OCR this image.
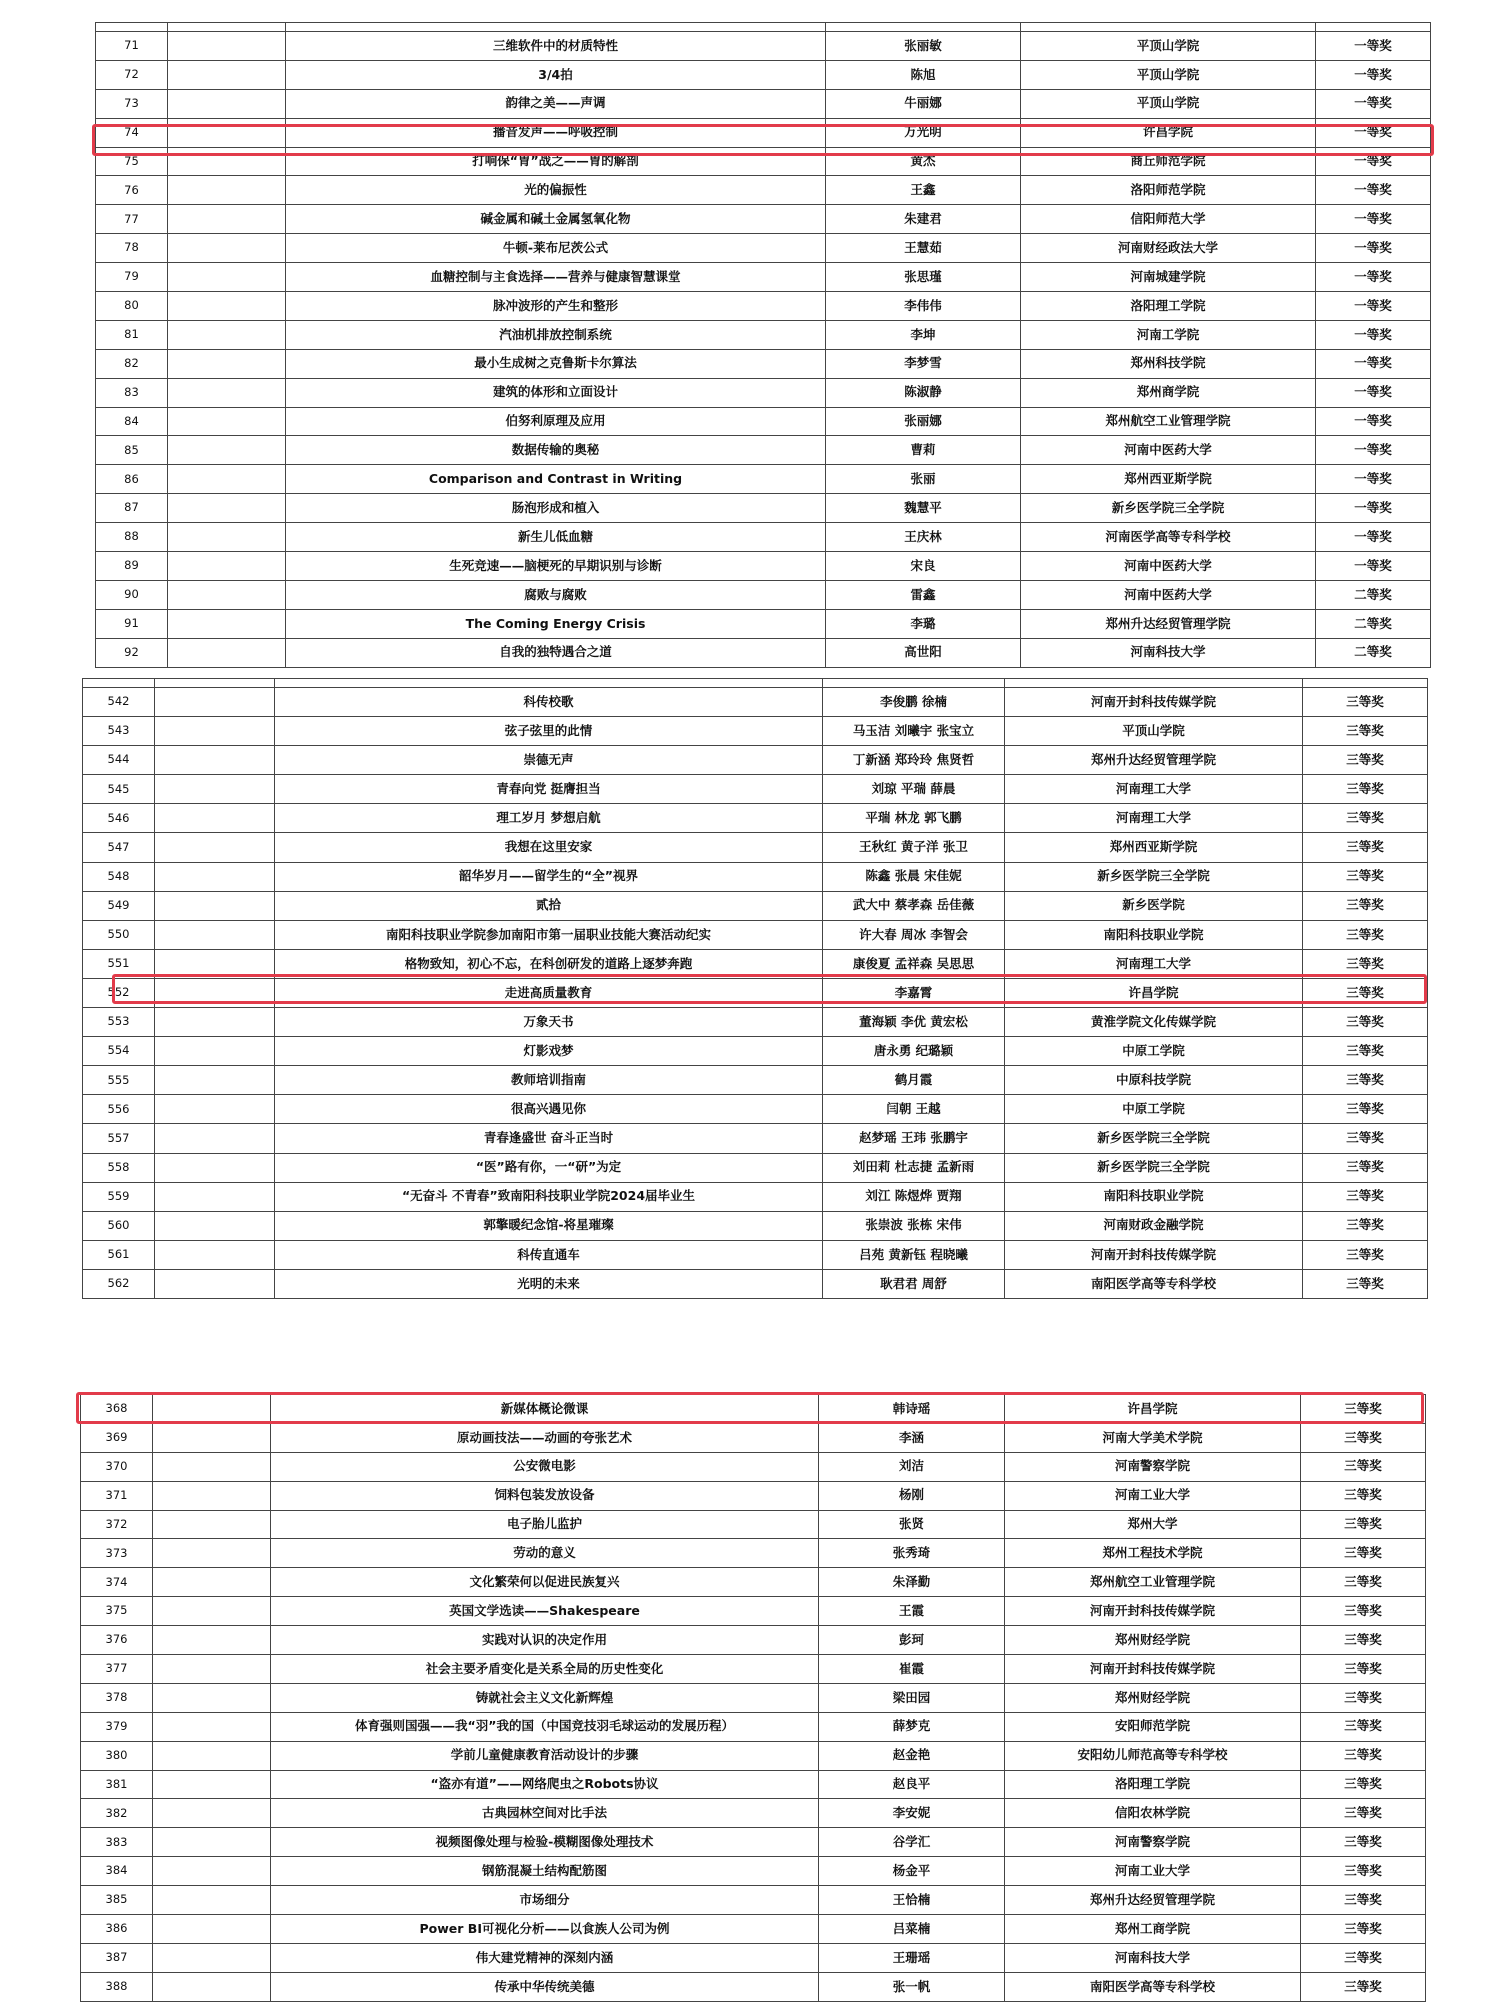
71		三维软件中的材质特性	张丽敏	平顶山学院	一等奖
72		3/4拍	陈旭	平顶山学院	一等奖
73		韵律之美——声调	牛丽娜	平顶山学院	一等奖
74		播音发声——呼吸控制	万光明	许昌学院	一等奖
75		打响保“胃”战之——胃的解剖	黄杰	商丘师范学院	一等奖
76		光的偏振性	王鑫	洛阳师范学院	一等奖
77		碱金属和碱土金属氢氧化物	朱建君	信阳师范大学	一等奖
78		牛顿-莱布尼茨公式	王慧茹	河南财经政法大学	一等奖
79		血糖控制与主食选择——营养与健康智慧课堂	张思瑾	河南城建学院	一等奖
80		脉冲波形的产生和整形	李伟伟	洛阳理工学院	一等奖
81		汽油机排放控制系统	李坤	河南工学院	一等奖
82		最小生成树之克鲁斯卡尔算法	李梦雪	郑州科技学院	一等奖
83		建筑的体形和立面设计	陈淑静	郑州商学院	一等奖
84		伯努利原理及应用	张丽娜	郑州航空工业管理学院	一等奖
85		数据传输的奥秘	曹莉	河南中医药大学	一等奖
86		Comparison and Contrast in Writing	张丽	郑州西亚斯学院	一等奖
87		肠泡形成和植入	魏慧平	新乡医学院三全学院	一等奖
88		新生儿低血糖	王庆林	河南医学高等专科学校	一等奖
89		生死竞速——脑梗死的早期识别与诊断	宋良	河南中医药大学	一等奖
90		腐败与腐败	雷鑫	河南中医药大学	二等奖
91		The Coming Energy Crisis	李璐	郑州升达经贸管理学院	二等奖
92		自我的独特遇合之道	高世阳	河南科技大学	二等奖

542		科传校歌	李俊鹏 徐楠	河南开封科技传媒学院	三等奖
543		弦子弦里的此情	马玉洁 刘曦宇 张宝立	平顶山学院	三等奖
544		崇德无声	丁新涵 郑玲玲 焦贤哲	郑州升达经贸管理学院	三等奖
545		青春向党 挺膺担当	刘琼 平瑞 薛晨	河南理工大学	三等奖
546		理工岁月 梦想启航	平瑞 林龙 郭飞鹏	河南理工大学	三等奖
547		我想在这里安家	王秋红 黄子洋 张卫	郑州西亚斯学院	三等奖
548		韶华岁月——留学生的“全”视界	陈鑫 张晨 宋佳妮	新乡医学院三全学院	三等奖
549		贰拾	武大中 蔡孝森 岳佳薇	新乡医学院	三等奖
550		南阳科技职业学院参加南阳市第一届职业技能大赛活动纪实	许大春 周冰 李智会	南阳科技职业学院	三等奖
551		格物致知，初心不忘，在科创研发的道路上逐梦奔跑	康俊夏 孟祥森 吴思思	河南理工大学	三等奖
552		走进高质量教育	李嘉霄	许昌学院	三等奖
553		万象天书	董海颖 李优 黄宏松	黄淮学院文化传媒学院	三等奖
554		灯影戏梦	唐永勇 纪璐颖	中原工学院	三等奖
555		教师培训指南	鹤月霞	中原科技学院	三等奖
556		很高兴遇见你	闫朝 王越	中原工学院	三等奖
557		青春逢盛世 奋斗正当时	赵梦瑶 王玮 张鹏宇	新乡医学院三全学院	三等奖
558		“医”路有你，一“研”为定	刘田莉 杜志捷 孟新雨	新乡医学院三全学院	三等奖
559		“无奋斗 不青春”致南阳科技职业学院2024届毕业生	刘江 陈煜烨 贾翔	南阳科技职业学院	三等奖
560		郭擎暖纪念馆-将星璀璨	张崇波 张栋 宋伟	河南财政金融学院	三等奖
561		科传直通车	吕苑 黄新钰 程晓曦	河南开封科技传媒学院	三等奖
562		光明的未来	耿君君 周舒	南阳医学高等专科学校	三等奖
368		新媒体概论微课	韩诗瑶	许昌学院	三等奖
369		原动画技法——动画的夸张艺术	李涵	河南大学美术学院	三等奖
370		公安微电影	刘洁	河南警察学院	三等奖
371		饲料包装发放设备	杨刚	河南工业大学	三等奖
372		电子胎儿监护	张贤	郑州大学	三等奖
373		劳动的意义	张秀琦	郑州工程技术学院	三等奖
374		文化繁荣何以促进民族复兴	朱泽勤	郑州航空工业管理学院	三等奖
375		英国文学选读——Shakespeare	王霞	河南开封科技传媒学院	三等奖
376		实践对认识的决定作用	彭珂	郑州财经学院	三等奖
377		社会主要矛盾变化是关系全局的历史性变化	崔霞	河南开封科技传媒学院	三等奖
378		铸就社会主义文化新辉煌	梁田园	郑州财经学院	三等奖
379		体育强则国强——我“羽”我的国（中国竞技羽毛球运动的发展历程）	薛梦克	安阳师范学院	三等奖
380		学前儿童健康教育活动设计的步骤	赵金艳	安阳幼儿师范高等专科学校	三等奖
381		“盗亦有道”——网络爬虫之Robots协议	赵良平	洛阳理工学院	三等奖
382		古典园林空间对比手法	李安妮	信阳农林学院	三等奖
383		视频图像处理与检验-模糊图像处理技术	谷学汇	河南警察学院	三等奖
384		钢筋混凝土结构配筋图	杨金平	河南工业大学	三等奖
385		市场细分	王恰楠	郑州升达经贸管理学院	三等奖
386		Power BI可视化分析——以食族人公司为例	吕菜楠	郑州工商学院	三等奖
387		伟大建党精神的深刻内涵	王珊瑶	河南科技大学	三等奖
388		传承中华传统美德	张一帆	南阳医学高等专科学校	三等奖
